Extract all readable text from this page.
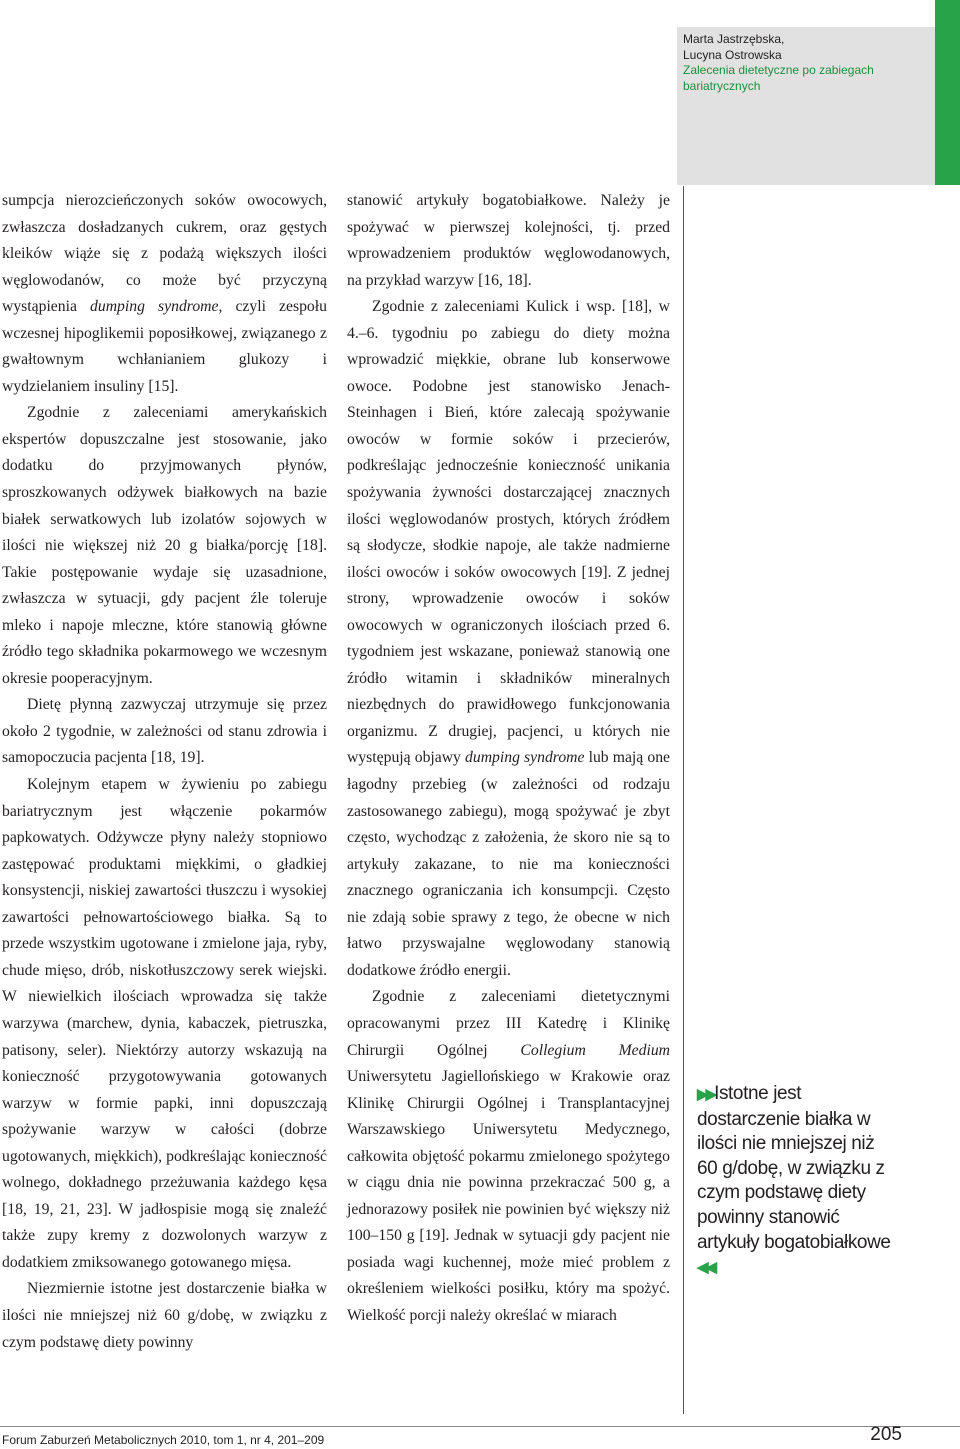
Marta Jastrzębska,
Lucyna Ostrowska
Zalecenia dietetyczne po zabiegach
bariatrycznych

sumpcja nierozcieńczonych soków owocowych, zwłaszcza dosładzanych cukrem, oraz gęstych kleików wiąże się z podażą większych ilości węglowodanów, co może być przyczyną wystąpienia dumping syndrome, czyli zespołu wczesnej hipoglikemii poposiłkowej, związanego z gwałtownym wchłanianiem glukozy i wydzielaniem insuliny [15].

Zgodnie z zaleceniami amerykańskich ekspertów dopuszczalne jest stosowanie, jako dodatku do przyjmowanych płynów, sproszkowanych odżywek białkowych na bazie białek serwatkowych lub izolatów sojowych w ilości nie większej niż 20 g białka/porcję [18]. Takie postępowanie wydaje się uzasadnione, zwłaszcza w sytuacji, gdy pacjent źle toleruje mleko i napoje mleczne, które stanowią główne źródło tego składnika pokarmowego we wczesnym okresie pooperacyjnym.

Dietę płynną zazwyczaj utrzymuje się przez około 2 tygodnie, w zależności od stanu zdrowia i samopoczucia pacjenta [18, 19].

Kolejnym etapem w żywieniu po zabiegu bariatrycznym jest włączenie pokarmów papkowatych. Odżywcze płyny należy stopniowo zastępować produktami miękkimi, o gładkiej konsystencji, niskiej zawartości tłuszczu i wysokiej zawartości pełnowartościowego białka. Są to przede wszystkim ugotowane i zmielone jaja, ryby, chude mięso, drób, niskotłuszczowy serek wiejski. W niewielkich ilościach wprowadza się także warzywa (marchew, dynia, kabaczek, pietruszka, patisony, seler). Niektórzy autorzy wskazują na konieczność przygotowywania gotowanych warzyw w formie papki, inni dopuszczają spożywanie warzyw w całości (dobrze ugotowanych, miękkich), podkreślając konieczność wolnego, dokładnego przeżuwania każdego kęsa [18, 19, 21, 23]. W jadłospisie mogą się znaleźć także zupy kremy z dozwolonych warzyw z dodatkiem zmiksowanego gotowanego mięsa.

Niezmiernie istotne jest dostarczenie białka w ilości nie mniejszej niż 60 g/dobę, w związku z czym podstawę diety powinny

stanowić artykuły bogatobiałkowe. Należy je spożywać w pierwszej kolejności, tj. przed wprowadzeniem produktów węglowodanowych, na przykład warzyw [16, 18].

Zgodnie z zaleceniami Kulick i wsp. [18], w 4.–6. tygodniu po zabiegu do diety można wprowadzić miękkie, obrane lub konserwowe owoce. Podobne jest stanowisko Jenach-Steinhagen i Bień, które zalecają spożywanie owoców w formie soków i przecierów, podkreślając jednocześnie konieczność unikania spożywania żywności dostarczającej znacznych ilości węglowodanów prostych, których źródłem są słodycze, słodkie napoje, ale także nadmierne ilości owoców i soków owocowych [19]. Z jednej strony, wprowadzenie owoców i soków owocowych w ograniczonych ilościach przed 6. tygodniem jest wskazane, ponieważ stanowią one źródło witamin i składników mineralnych niezbędnych do prawidłowego funkcjonowania organizmu. Z drugiej, pacjenci, u których nie występują objawy dumping syndrome lub mają one łagodny przebieg (w zależności od rodzaju zastosowanego zabiegu), mogą spożywać je zbyt często, wychodząc z założenia, że skoro nie są to artykuły zakazane, to nie ma konieczności znacznego ograniczania ich konsumpcji. Często nie zdają sobie sprawy z tego, że obecne w nich łatwo przyswajalne węglowodany stanowią dodatkowe źródło energii.

Zgodnie z zaleceniami dietetycznymi opracowanymi przez III Katedrę i Klinikę Chirurgii Ogólnej Collegium Medium Uniwersytetu Jagiellońskiego w Krakowie oraz Klinikę Chirurgii Ogólnej i Transplantacyjnej Warszawskiego Uniwersytetu Medycznego, całkowita objętość pokarmu zmielonego spożytego w ciągu dnia nie powinna przekraczać 500 g, a jednorazowy posiłek nie powinien być większy niż 100–150 g [19]. Jednak w sytuacji gdy pacjent nie posiada wagi kuchennej, może mieć problem z określeniem wielkości posiłku, który ma spożyć. Wielkość porcji należy określać w miarach

▶▶Istotne jest dostarczenie białka w ilości nie mniejszej niż 60 g/dobę, w związku z czym podstawę diety powinny stanowić artykuły bogatobiałkowe ◀◀
Forum Zaburzeń Metabolicznych 2010, tom 1, nr 4, 201–209	205
